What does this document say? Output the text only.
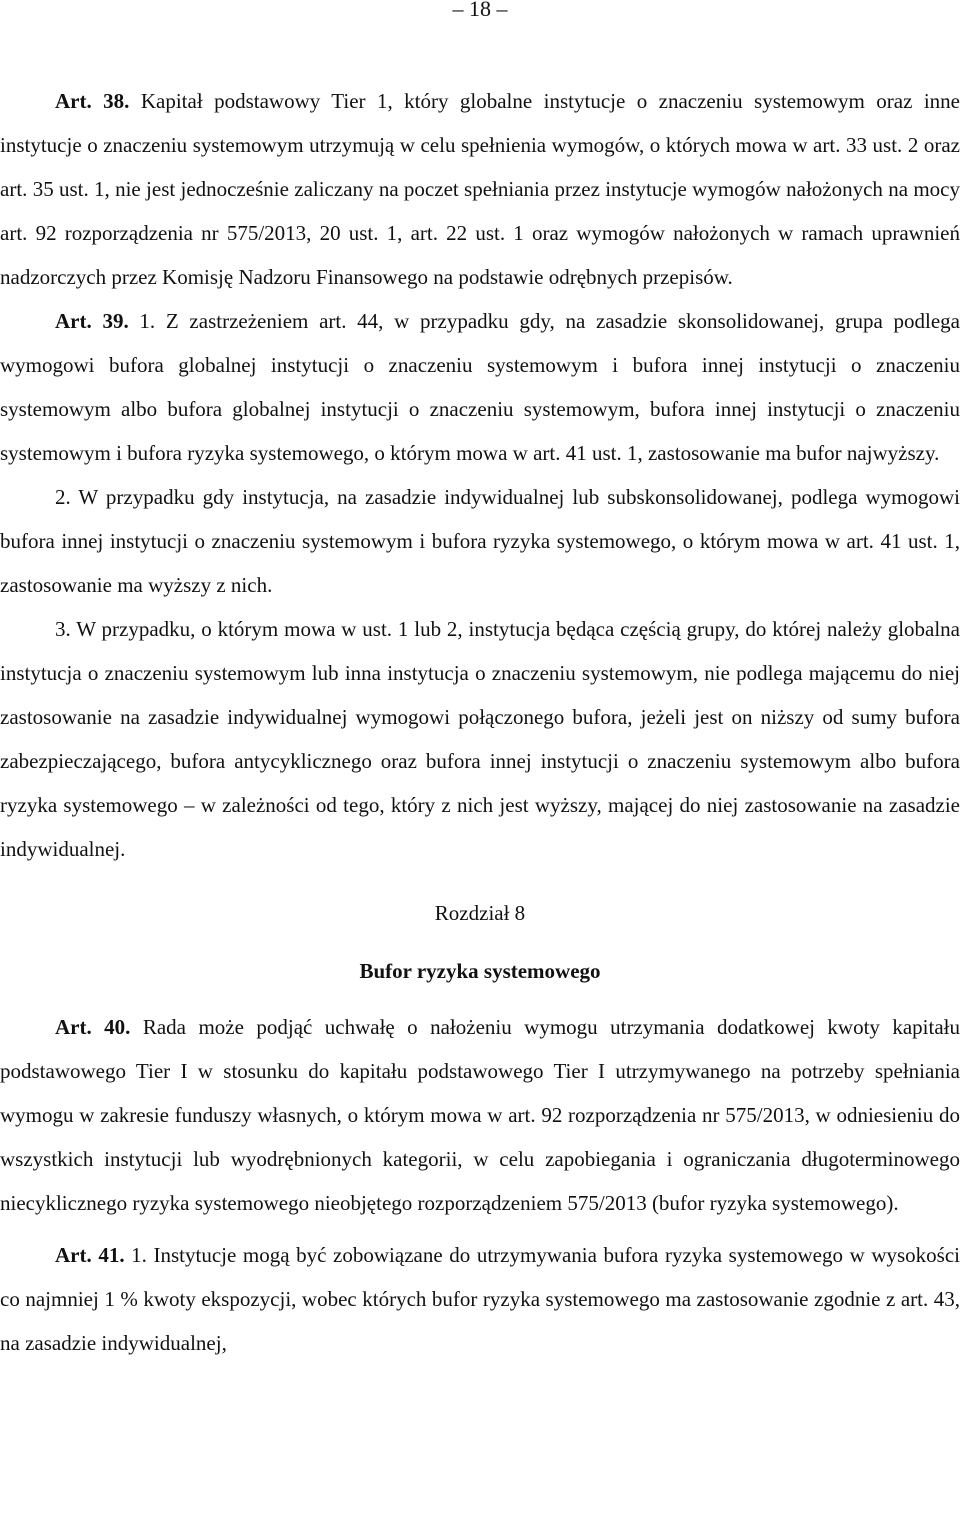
– 18 –

Art. 38. Kapitał podstawowy Tier 1, który globalne instytucje o znaczeniu systemowym oraz inne instytucje o znaczeniu systemowym utrzymują w celu spełnienia wymogów, o których mowa w art. 33 ust. 2 oraz art. 35 ust. 1, nie jest jednocześnie zaliczany na poczet spełniania przez instytucje wymogów nałożonych na mocy art. 92 rozporządzenia nr 575/2013, 20 ust. 1, art. 22 ust. 1 oraz wymogów nałożonych w ramach uprawnień nadzorczych przez Komisję Nadzoru Finansowego na podstawie odrębnych przepisów.

Art. 39. 1. Z zastrzeżeniem art. 44, w przypadku gdy, na zasadzie skonsolidowanej, grupa podlega wymogowi bufora globalnej instytucji o znaczeniu systemowym i bufora innej instytucji o znaczeniu systemowym albo bufora globalnej instytucji o znaczeniu systemowym, bufora innej instytucji o znaczeniu systemowym i bufora ryzyka systemowego, o którym mowa w art. 41 ust. 1, zastosowanie ma bufor najwyższy.

2. W przypadku gdy instytucja, na zasadzie indywidualnej lub subskonsolidowanej, podlega wymogowi bufora innej instytucji o znaczeniu systemowym i bufora ryzyka systemowego, o którym mowa w art. 41 ust. 1, zastosowanie ma wyższy z nich.

3. W przypadku, o którym mowa w ust. 1 lub 2, instytucja będąca częścią grupy, do której należy globalna instytucja o znaczeniu systemowym lub inna instytucja o znaczeniu systemowym, nie podlega mającemu do niej zastosowanie na zasadzie indywidualnej wymogowi połączonego bufora, jeżeli jest on niższy od sumy bufora zabezpieczającego, bufora antycyklicznego oraz bufora innej instytucji o znaczeniu systemowym albo bufora ryzyka systemowego – w zależności od tego, który z nich jest wyższy, mającej do niej zastosowanie na zasadzie indywidualnej.

Rozdział 8
Bufor ryzyka systemowego

Art. 40. Rada może podjąć uchwałę o nałożeniu wymogu utrzymania dodatkowej kwoty kapitału podstawowego Tier I w stosunku do kapitału podstawowego Tier I utrzymywanego na potrzeby spełniania wymogu w zakresie funduszy własnych, o którym mowa w art. 92 rozporządzenia nr 575/2013, w odniesieniu do wszystkich instytucji lub wyodrębnionych kategorii, w celu zapobiegania i ograniczania długoterminowego niecyklicznego ryzyka systemowego nieobjętego rozporządzeniem 575/2013 (bufor ryzyka systemowego).

Art. 41. 1. Instytucje mogą być zobowiązane do utrzymywania bufora ryzyka systemowego w wysokości co najmniej 1 % kwoty ekspozycji, wobec których bufor ryzyka systemowego ma zastosowanie zgodnie z art. 43, na zasadzie indywidualnej,
